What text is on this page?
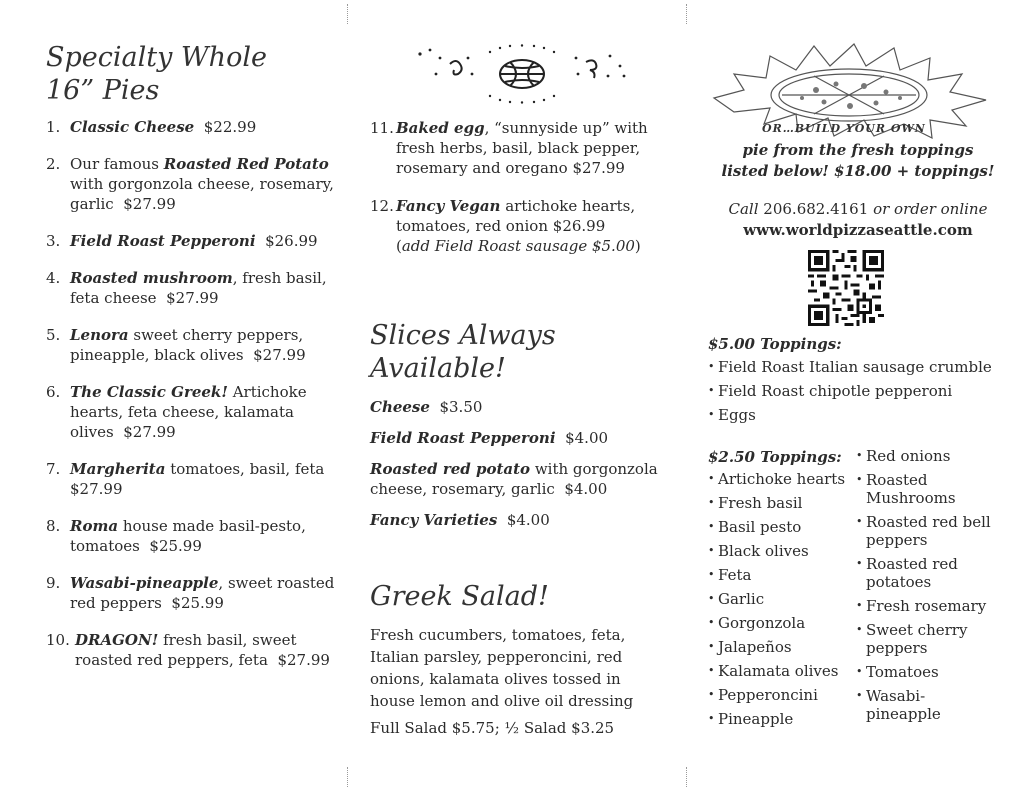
Specialty Whole
16” Pies
1. Classic Cheese $22.99
2. Our famous Roasted Red Potato with gorgonzola cheese, rosemary, garlic $27.99
3. Field Roast Pepperoni $26.99
4. Roasted mushroom, fresh basil, feta cheese $27.99
5. Lenora sweet cherry peppers, pineapple, black olives $27.99
6. The Classic Greek! Artichoke hearts, feta cheese, kalamata olives $27.99
7. Margherita tomatoes, basil, feta  $27.99
8. Roma house made basil-pesto, tomatoes $25.99
9. Wasabi-pineapple, sweet roasted red peppers $25.99
10. DRAGON! fresh basil, sweet roasted red peppers, feta $27.99
11. Baked egg, “sunnyside up” with fresh herbs, basil, black pepper, rosemary and oregano $27.99
12. Fancy Vegan artichoke hearts, tomatoes, red onion $26.99
(add Field Roast sausage $5.00)
Slices Always
Available!
Cheese $3.50
Field Roast Pepperoni $4.00
Roasted red potato with gorgonzola cheese, rosemary, garlic $4.00
Fancy Varieties $4.00
Greek Salad!
Fresh cucumbers, tomatoes, feta, Italian parsley, pepperoncini, red onions, kalamata olives tossed in house lemon and olive oil dressing
Full Salad $5.75; ½ Salad $3.25
OR…BUILD YOUR OWN
pie from the fresh toppings
listed below! $18.00 + toppings!
Call 206.682.4161 or order online
www.worldpizzaseattle.com
$5.00 Toppings:
• Field Roast Italian sausage crumble
• Field Roast chipotle pepperoni
• Eggs
$2.50 Toppings:
• Artichoke hearts
• Fresh basil
• Basil pesto
• Black olives
• Feta
• Garlic
• Gorgonzola
• Jalapeños
• Kalamata olives
• Pepperoncini
• Pineapple
• Red onions
• Roasted Mushrooms
• Roasted red bell peppers
• Roasted red potatoes
• Fresh rosemary
• Sweet cherry peppers
• Tomatoes
• Wasabi-pineapple
